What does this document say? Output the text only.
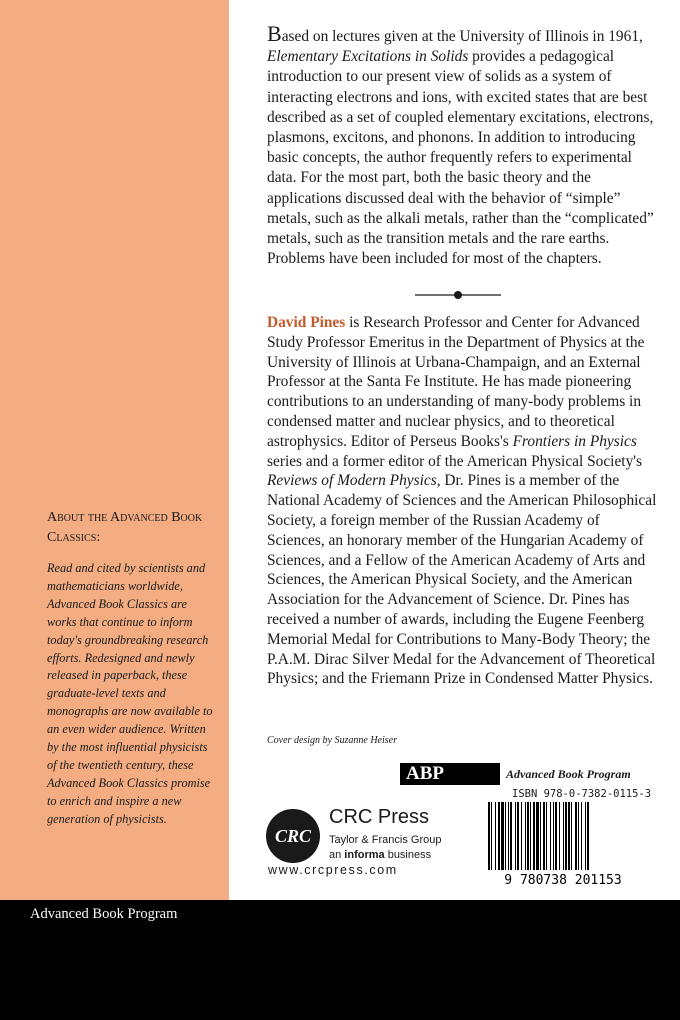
About the Advanced Book Classics:

Read and cited by scientists and mathematicians worldwide, Advanced Book Classics are works that continue to inform today's groundbreaking research efforts. Redesigned and newly released in paperback, these graduate-level texts and monographs are now available to an even wider audience. Written by the most influential physicists of the twentieth century, these Advanced Book Classics promise to enrich and inspire a new generation of physicists.

Based on lectures given at the University of Illinois in 1961, Elementary Excitations in Solids provides a pedagogical introduction to our present view of solids as a system of interacting electrons and ions, with excited states that are best described as a set of coupled elementary excitations, electrons, plasmons, excitons, and phonons. In addition to introducing basic concepts, the author frequently refers to experimental data. For the most part, both the basic theory and the applications discussed deal with the behavior of “simple” metals, such as the alkali metals, rather than the “complicated” metals, such as the transition metals and the rare earths. Problems have been included for most of the chapters.

David Pines is Research Professor and Center for Advanced Study Professor Emeritus in the Department of Physics at the University of Illinois at Urbana-Champaign, and an External Professor at the Santa Fe Institute. He has made pioneering contributions to an understanding of many-body problems in condensed matter and nuclear physics, and to theoretical astrophysics. Editor of Perseus Books's Frontiers in Physics series and a former editor of the American Physical Society's Reviews of Modern Physics, Dr. Pines is a member of the National Academy of Sciences and the American Philosophical Society, a foreign member of the Russian Academy of Sciences, an honorary member of the Hungarian Academy of Sciences, and a Fellow of the American Academy of Arts and Sciences, the American Physical Society, and the American Association for the Advancement of Science. Dr. Pines has received a number of awards, including the Eugene Feenberg Memorial Medal for Contributions to Many-Body Theory; the P.A.M. Dirac Silver Medal for the Advancement of Theoretical Physics; and the Friemann Prize in Condensed Matter Physics.

Cover design by Suzanne Heiser
ABP	Advanced Book Program
CRC
CRC Press
Taylor & Francis Group
an informa business
www.crcpress.com
ISBN 978-0-7382-0115-3
9 780738 201153
Advanced Book Program
